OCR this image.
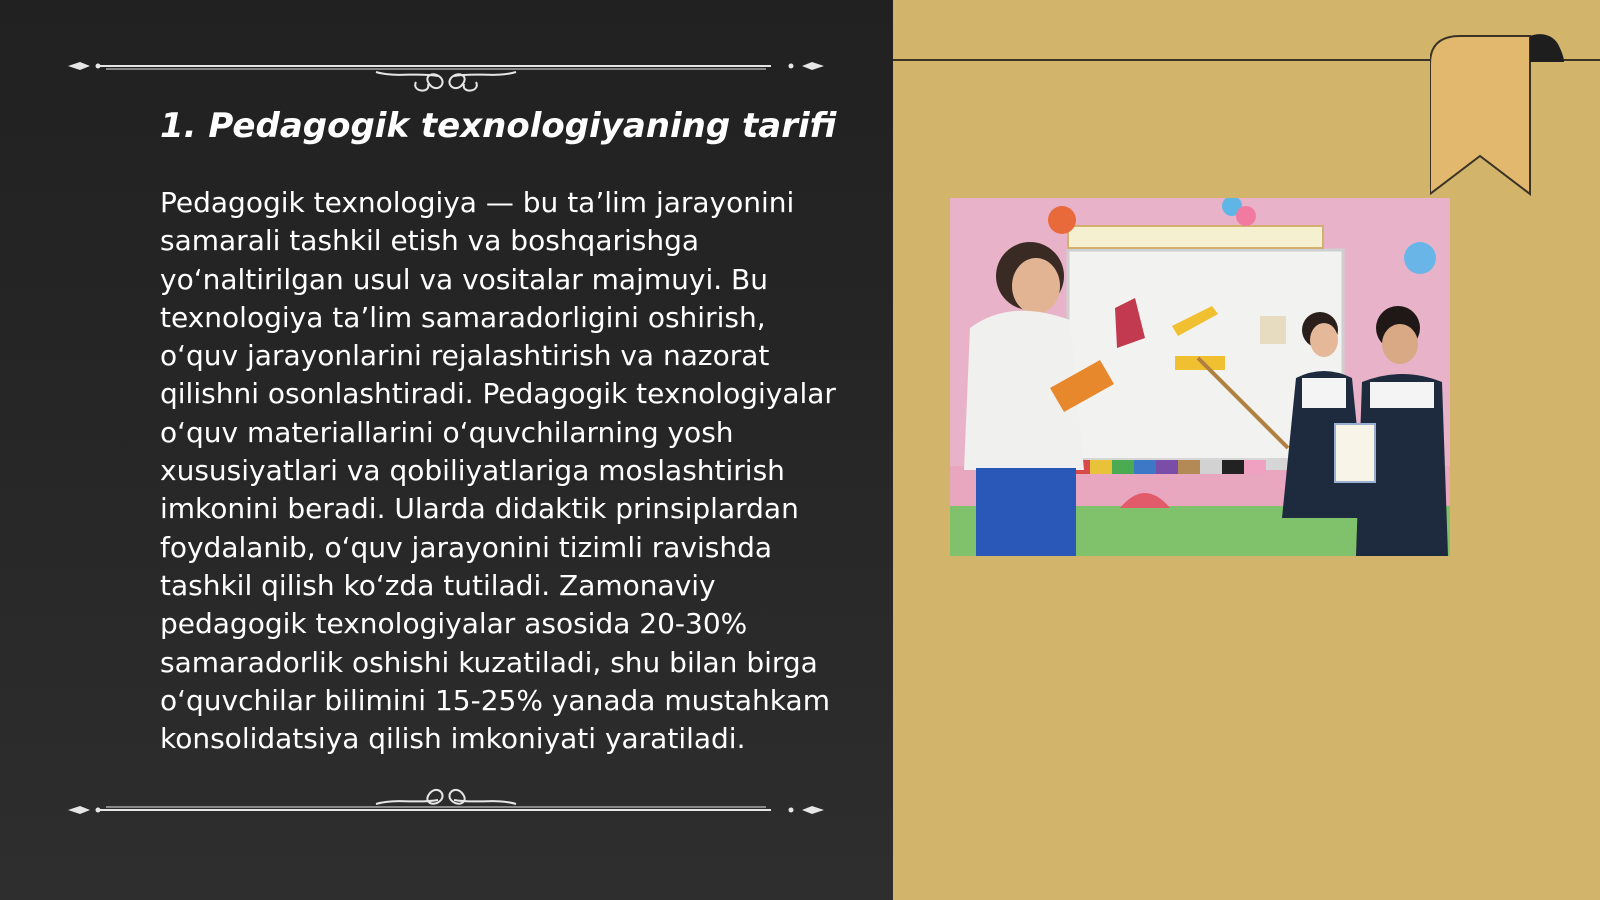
1. Pedagogik texnologiyaning tarifi

Pedagogik texnologiya — bu ta’lim jarayonini samarali tashkil etish va boshqarishga yo‘naltirilgan usul va vositalar majmuyi. Bu texnologiya ta’lim samaradorligini oshirish, o‘quv jarayonlarini rejalashtirish va nazorat qilishni osonlashtiradi. Pedagogik texnologiyalar o‘quv materiallarini o‘quvchilarning yosh xususiyatlari va qobiliyatlariga moslashtirish imkonini beradi. Ularda didaktik prinsiplardan foydalanib, o‘quv jarayonini tizimli ravishda tashkil qilish ko‘zda tutiladi. Zamonaviy pedagogik texnologiyalar asosida 20-30% samaradorlik oshishi kuzatiladi, shu bilan birga o‘quvchilar bilimini 15-25% yanada mustahkam konsolidatsiya qilish imkoniyati yaratiladi.
